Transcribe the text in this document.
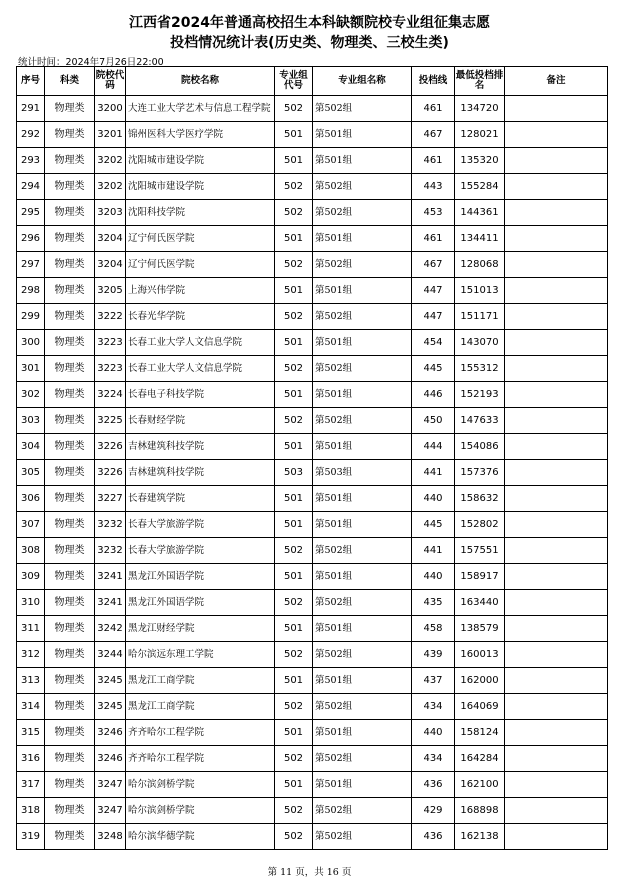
江西省2024年普通高校招生本科缺额院校专业组征集志愿
投档情况统计表(历史类、物理类、三校生类)
统计时间：2024年7月26日22:00
序号	科类	院校代码	院校名称	专业组代号	专业组名称	投档线	最低投档排名	备注
291	物理类	3200	大连工业大学艺术与信息工程学院	502	第502组	461	134720	
292	物理类	3201	锦州医科大学医疗学院	501	第501组	467	128021	
293	物理类	3202	沈阳城市建设学院	501	第501组	461	135320	
294	物理类	3202	沈阳城市建设学院	502	第502组	443	155284	
295	物理类	3203	沈阳科技学院	502	第502组	453	144361	
296	物理类	3204	辽宁何氏医学院	501	第501组	461	134411	
297	物理类	3204	辽宁何氏医学院	502	第502组	467	128068	
298	物理类	3205	上海兴伟学院	501	第501组	447	151013	
299	物理类	3222	长春光华学院	502	第502组	447	151171	
300	物理类	3223	长春工业大学人文信息学院	501	第501组	454	143070	
301	物理类	3223	长春工业大学人文信息学院	502	第502组	445	155312	
302	物理类	3224	长春电子科技学院	501	第501组	446	152193	
303	物理类	3225	长春财经学院	502	第502组	450	147633	
304	物理类	3226	吉林建筑科技学院	501	第501组	444	154086	
305	物理类	3226	吉林建筑科技学院	503	第503组	441	157376	
306	物理类	3227	长春建筑学院	501	第501组	440	158632	
307	物理类	3232	长春大学旅游学院	501	第501组	445	152802	
308	物理类	3232	长春大学旅游学院	502	第502组	441	157551	
309	物理类	3241	黑龙江外国语学院	501	第501组	440	158917	
310	物理类	3241	黑龙江外国语学院	502	第502组	435	163440	
311	物理类	3242	黑龙江财经学院	501	第501组	458	138579	
312	物理类	3244	哈尔滨远东理工学院	502	第502组	439	160013	
313	物理类	3245	黑龙江工商学院	501	第501组	437	162000	
314	物理类	3245	黑龙江工商学院	502	第502组	434	164069	
315	物理类	3246	齐齐哈尔工程学院	501	第501组	440	158124	
316	物理类	3246	齐齐哈尔工程学院	502	第502组	434	164284	
317	物理类	3247	哈尔滨剑桥学院	501	第501组	436	162100	
318	物理类	3247	哈尔滨剑桥学院	502	第502组	429	168898	
319	物理类	3248	哈尔滨华德学院	502	第502组	436	162138	
第 11 页，共 16 页
